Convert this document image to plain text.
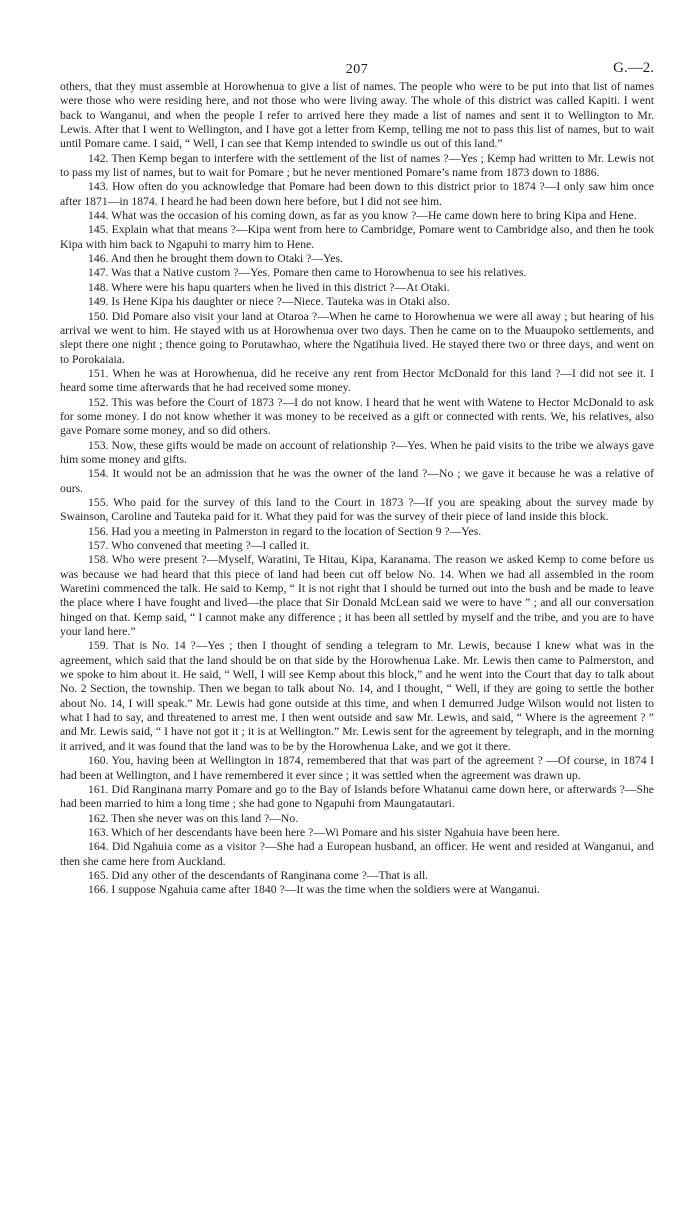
207	G.—2.

others, that they must assemble at Horowhenua to give a list of names. The people who were to be put into that list of names were those who were residing here, and not those who were living away. The whole of this district was called Kapiti. I went back to Wanganui, and when the people I refer to arrived here they made a list of names and sent it to Wellington to Mr. Lewis. After that I went to Wellington, and I have got a letter from Kemp, telling me not to pass this list of names, but to wait until Pomare came. I said, “ Well, I can see that Kemp intended to swindle us out of this land.”

142. Then Kemp began to interfere with the settlement of the list of names ?—Yes ; Kemp had written to Mr. Lewis not to pass my list of names, but to wait for Pomare ; but he never mentioned Pomare’s name from 1873 down to 1886.

143. How often do you acknowledge that Pomare had been down to this district prior to 1874 ?—I only saw him once after 1871—in 1874. I heard he had been down here before, but I did not see him.

144. What was the occasion of his coming down, as far as you know ?—He came down here to bring Kipa and Hene.

145. Explain what that means ?—Kipa went from here to Cambridge, Pomare went to Cambridge also, and then he took Kipa with him back to Ngapuhi to marry him to Hene.

146. And then he brought them down to Otaki ?—Yes.

147. Was that a Native custom ?—Yes. Pomare then came to Horowhenua to see his relatives.

148. Where were his hapu quarters when he lived in this district ?—At Otaki.

149. Is Hene Kipa his daughter or niece ?—Niece. Tauteka was in Otaki also.

150. Did Pomare also visit your land at Otaroa ?—When he came to Horowhenua we were all away ; but hearing of his arrival we went to him. He stayed with us at Horowhenua over two days. Then he came on to the Muaupoko settlements, and slept there one night ; thence going to Porutawhao, where the Ngatihuia lived. He stayed there two or three days, and went on to Porokaiaia.

151. When he was at Horowhenua, did he receive any rent from Hector McDonald for this land ?—I did not see it. I heard some time afterwards that he had received some money.

152. This was before the Court of 1873 ?—I do not know. I heard that he went with Watene to Hector McDonald to ask for some money. I do not know whether it was money to be received as a gift or connected with rents. We, his relatives, also gave Pomare some money, and so did others.

153. Now, these gifts would be made on account of relationship ?—Yes. When he paid visits to the tribe we always gave him some money and gifts.

154. It would not be an admission that he was the owner of the land ?—No ; we gave it because he was a relative of ours.

155. Who paid for the survey of this land to the Court in 1873 ?—If you are speaking about the survey made by Swainson, Caroline and Tauteka paid for it. What they paid for was the survey of their piece of land inside this block.

156. Had you a meeting in Palmerston in regard to the location of Section 9 ?—Yes.

157. Who convened that meeting ?—I called it.

158. Who were present ?—Myself, Waratini, Te Hitau, Kipa, Karanama. The reason we asked Kemp to come before us was because we had heard that this piece of land had been cut off below No. 14. When we had all assembled in the room Waretini commenced the talk. He said to Kemp, “ It is not right that I should be turned out into the bush and be made to leave the place where I have fought and lived—the place that Sir Donald McLean said we were to have ” ; and all our conversation hinged on that. Kemp said, “ I cannot make any difference ; it has been all settled by myself and the tribe, and you are to have your land here.”

159. That is No. 14 ?—Yes ; then I thought of sending a telegram to Mr. Lewis, because I knew what was in the agreement, which said that the land should be on that side by the Horowhenua Lake. Mr. Lewis then came to Palmerston, and we spoke to him about it. He said, “ Well, I will see Kemp about this block,” and he went into the Court that day to talk about No. 2 Section, the township. Then we began to talk about No. 14, and I thought, “ Well, if they are going to settle the bother about No. 14, I will speak.” Mr. Lewis had gone outside at this time, and when I demurred Judge Wilson would not listen to what I had to say, and threatened to arrest me. I then went outside and saw Mr. Lewis, and said, “ Where is the agreement ? ” and Mr. Lewis said, “ I have not got it ; it is at Wellington.” Mr. Lewis sent for the agreement by telegraph, and in the morning it arrived, and it was found that the land was to be by the Horowhenua Lake, and we got it there.

160. You, having been at Wellington in 1874, remembered that that was part of the agreement ? —Of course, in 1874 I had been at Wellington, and I have remembered it ever since ; it was settled when the agreement was drawn up.

161. Did Ranginana marry Pomare and go to the Bay of Islands before Whatanui came down here, or afterwards ?—She had been married to him a long time ; she had gone to Ngapuhi from Maungatautari.

162. Then she never was on this land ?—No.

163. Which of her descendants have been here ?—Wi Pomare and his sister Ngahuia have been here.

164. Did Ngahuia come as a visitor ?—She had a European husband, an officer. He went and resided at Wanganui, and then she came here from Auckland.

165. Did any other of the descendants of Ranginana come ?—That is all.

166. I suppose Ngahuia came after 1840 ?—It was the time when the soldiers were at Wanganui.
